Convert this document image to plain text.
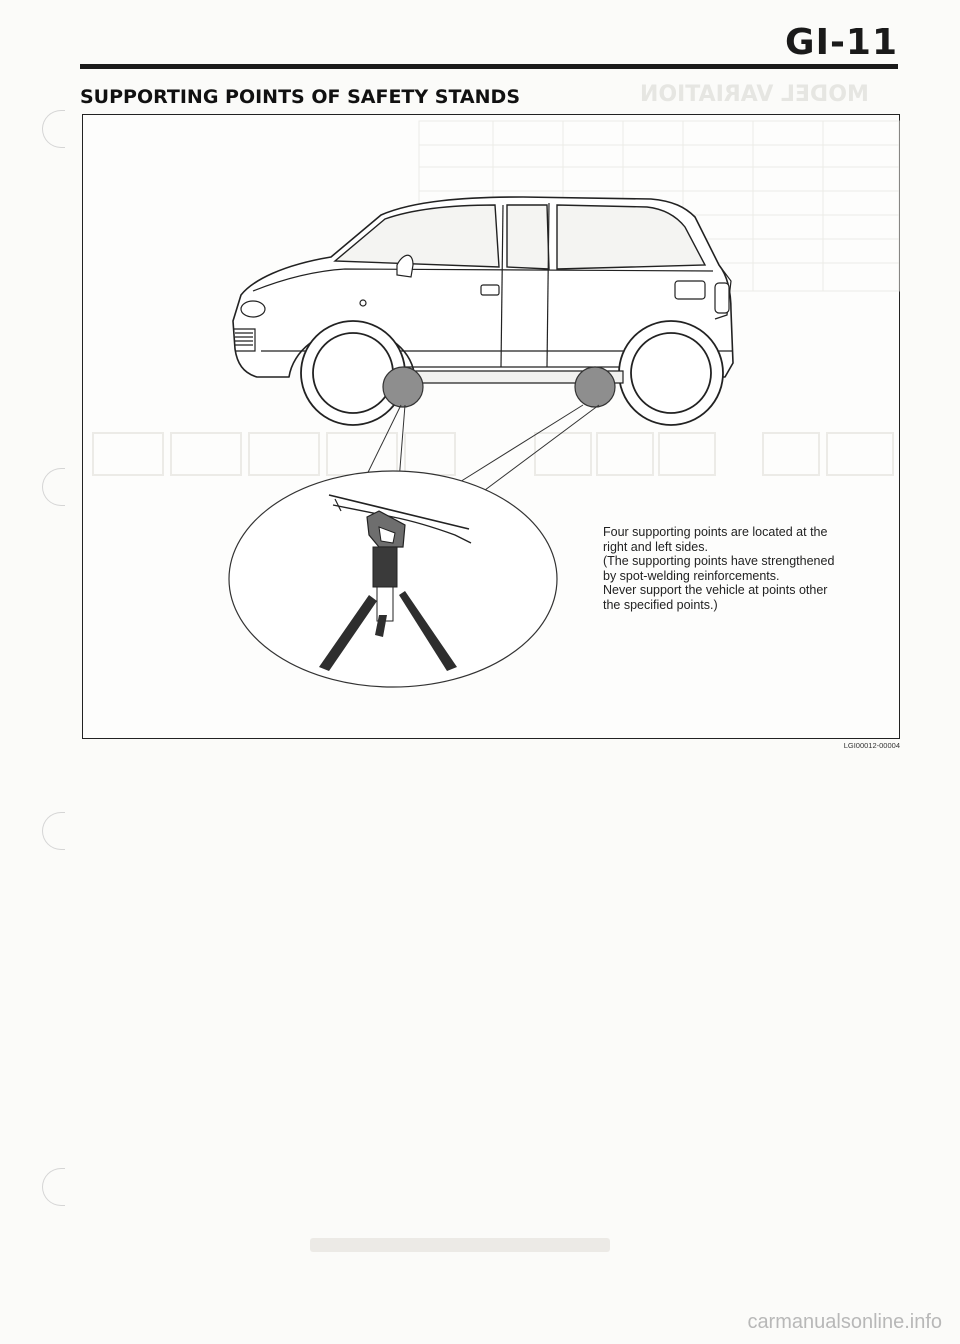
GI-11
SUPPORTING POINTS OF SAFETY STANDS	MODEL VARIATION
Four supporting points are located at the
right and left sides.
(The supporting points have strengthened
by spot-welding reinforcements.
Never support the vehicle at points other
the specified points.)
LGI00012-00004
carmanualsonline.info
